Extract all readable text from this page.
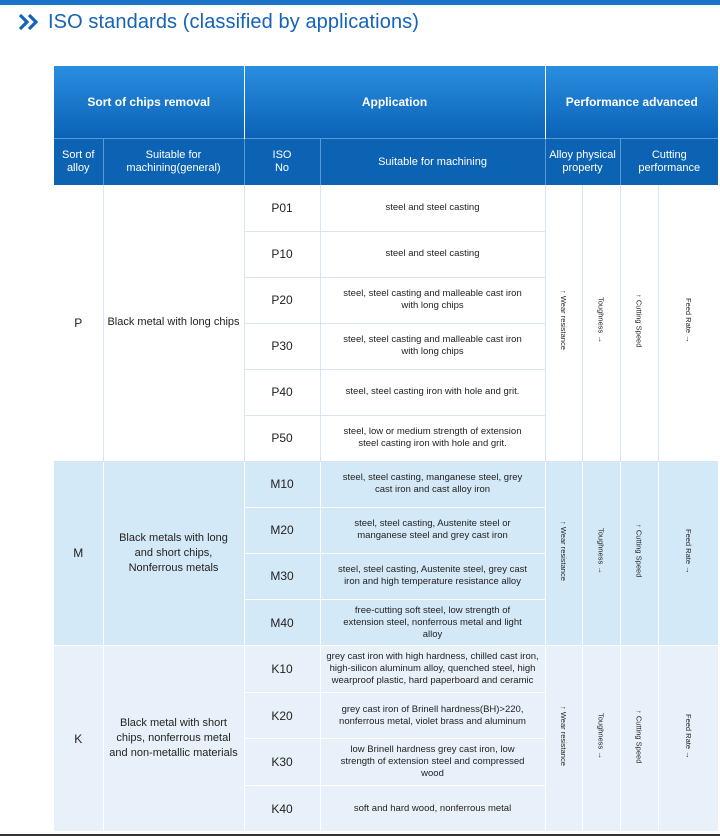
ISO standards (classified by applications)
Sort of chips removal		Application		Performance advanced			
Sort of alloy	Suitable for machining(general)	ISO No	Suitable for machining	Alloy physical property		Cutting performance	
P	Black metal with long chips	P01	steel and steel casting	↑ Wear resistance	Toughness →	↑ Cutting Speed	Feed Rate →
		P10	steel and steel casting				
		P20	steel, steel casting and malleable cast iron with long chips				
		P30	steel, steel casting and malleable cast iron with long chips				
		P40	steel, steel casting iron with hole and grit.				
		P50	steel, low or medium strength of extension steel casting iron with hole and grit.				
M	Black metals with long and short chips, Nonferrous metals	M10	steel, steel casting, manganese steel, grey cast iron and cast alloy iron	↑ Wear resistance	Toughness →	↑ Cutting Speed	Feed Rate →
		M20	steel, steel casting, Austenite steel or manganese steel and grey cast iron				
		M30	steel, steel casting, Austenite steel, grey cast iron and high temperature resistance alloy				
		M40	free-cutting soft steel, low strength of extension steel, nonferrous metal and light alloy				
K	Black metal with short chips, nonferrous metal and non-metallic materials	K10	grey cast iron with high hardness, chilled cast iron, high-silicon aluminum alloy, quenched steel, high wearproof plastic, hard paperboard and ceramic	↑ Wear resistance	Toughness →	↑ Cutting Speed	Feed Rate →
		K20	grey cast iron of Brinell hardness(BH)>220, nonferrous metal, violet brass and aluminum				
		K30	low Brinell hardness grey cast iron, low strength of extension steel and compressed wood				
		K40	soft and hard wood, nonferrous metal				
